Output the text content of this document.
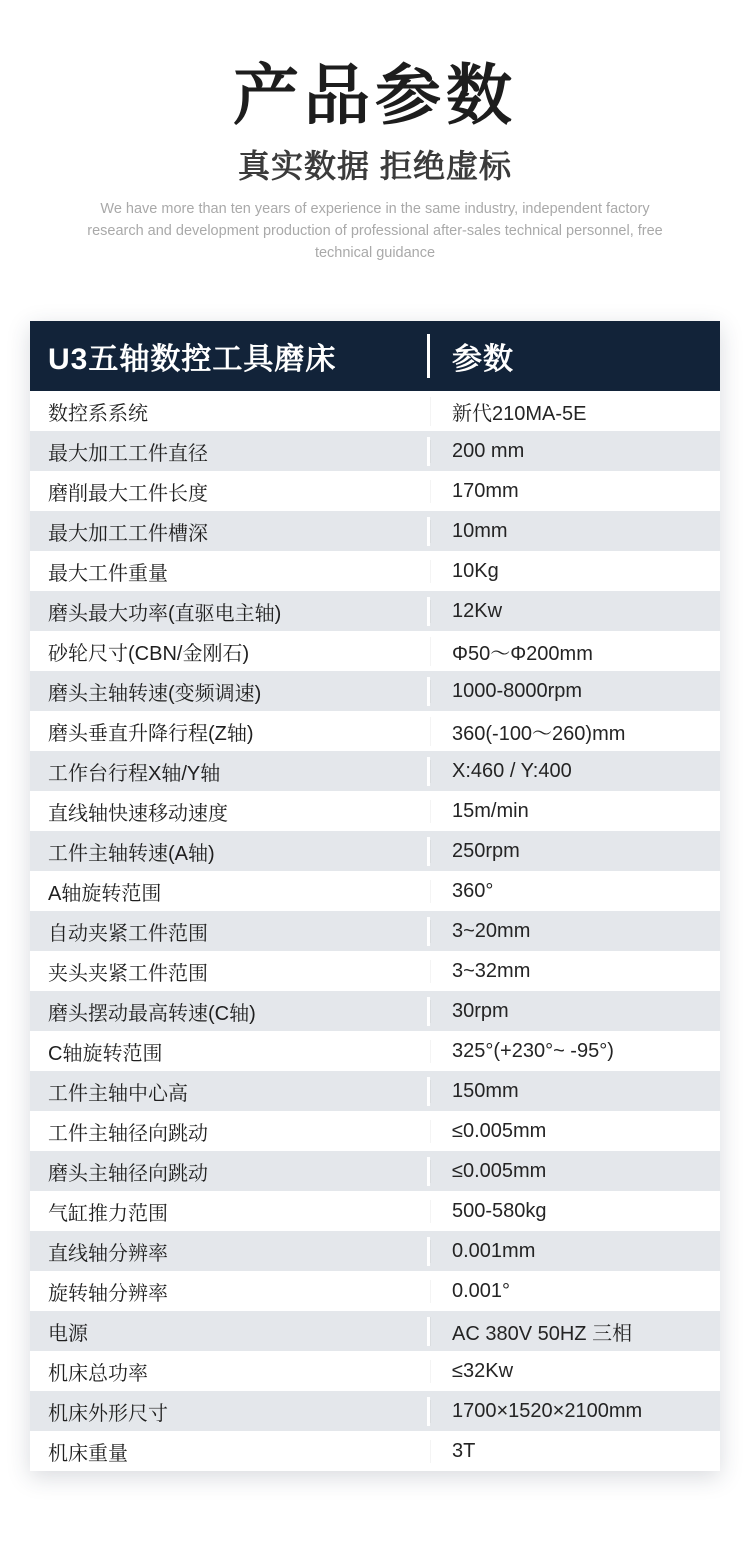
产品参数
真实数据 拒绝虚标
We have more than ten years of experience in the same industry, independent factory research and development production of professional after-sales technical personnel, free technical guidance
U3五轴数控工具磨床	参数
数控系系统	新代210MA-5E
最大加工工件直径	200 mm
磨削最大工件长度	170mm
最大加工工件槽深	10mm
最大工件重量	10Kg
磨头最大功率(直驱电主轴)	12Kw
砂轮尺寸(CBN/金刚石)	Φ50～Φ200mm
磨头主轴转速(变频调速)	1000-8000rpm
磨头垂直升降行程(Z轴)	360(-100～260)mm
工作台行程X轴/Y轴	X:460 / Y:400
直线轴快速移动速度	15m/min
工件主轴转速(A轴)	250rpm
A轴旋转范围	360°
自动夹紧工件范围	3~20mm
夹头夹紧工件范围	3~32mm
磨头摆动最高转速(C轴)	30rpm
C轴旋转范围	325°(+230°~ -95°)
工件主轴中心高	150mm
工件主轴径向跳动	≤0.005mm
磨头主轴径向跳动	≤0.005mm
气缸推力范围	500-580kg
直线轴分辨率	0.001mm
旋转轴分辨率	0.001°
电源	AC 380V 50HZ 三相
机床总功率	≤32Kw
机床外形尺寸	1700×1520×2100mm
机床重量	3T
